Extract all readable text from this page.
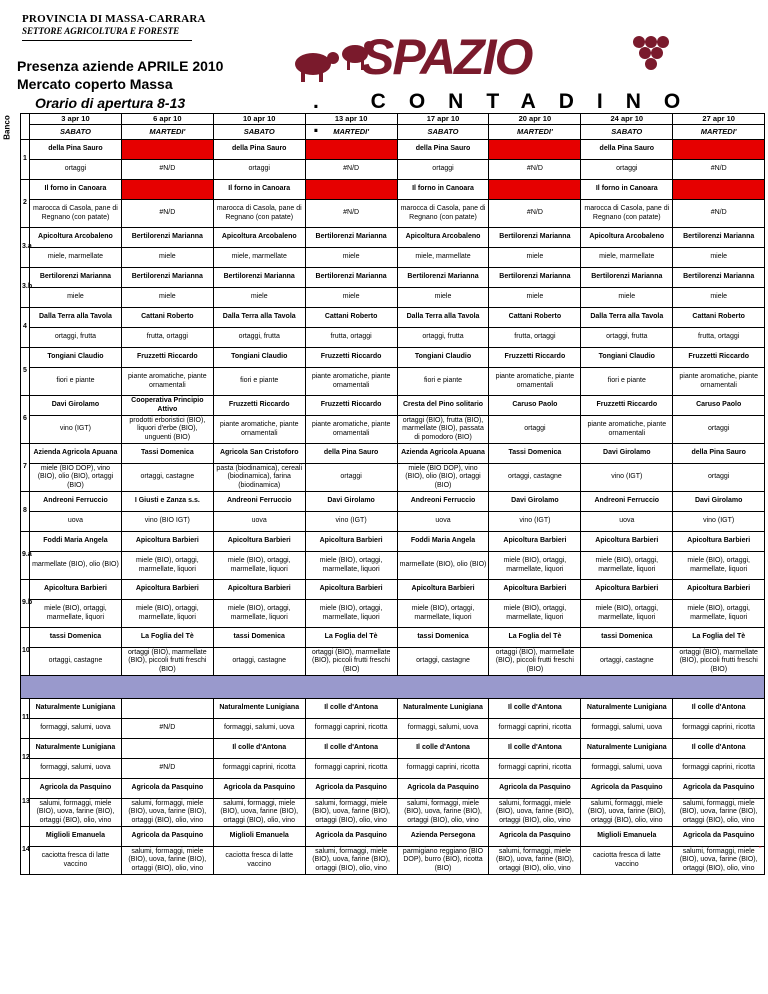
PROVINCIA DI MASSA-CARRARA
SETTORE AGRICOLTURA E FORESTE
Presenza aziende APRILE 2010
Mercato coperto Massa
Orario di apertura 8-13
SPAZIO
. CONTADINO .
Banco
		3 apr 10	6 apr 10	10 apr 10	13 apr 10	17 apr 10	20 apr 10	24 apr 10	27 apr 10
	SABATO	MARTEDI'	SABATO	MARTEDI'	SABATO	MARTEDI'	SABATO	MARTEDI'
1	della Pina Sauro		della Pina Sauro		della Pina Sauro		della Pina Sauro	
	ortaggi	#N/D	ortaggi	#N/D	ortaggi	#N/D	ortaggi	#N/D
2	Il forno in Canoara		Il forno in Canoara		Il forno in Canoara		Il forno in Canoara	
	marocca di Casola, pane di Regnano (con patate)	#N/D	marocca di Casola, pane di Regnano (con patate)	#N/D	marocca di Casola, pane di Regnano (con patate)	#N/D	marocca di Casola, pane di Regnano (con patate)	#N/D
3.a	Apicoltura Arcobaleno	Bertilorenzi Marianna	Apicoltura Arcobaleno	Bertilorenzi Marianna	Apicoltura Arcobaleno	Bertilorenzi Marianna	Apicoltura Arcobaleno	Bertilorenzi Marianna
	miele, marmellate	miele	miele, marmellate	miele	miele, marmellate	miele	miele, marmellate	miele
3.b	Bertilorenzi Marianna	Bertilorenzi Marianna	Bertilorenzi Marianna	Bertilorenzi Marianna	Bertilorenzi Marianna	Bertilorenzi Marianna	Bertilorenzi Marianna	Bertilorenzi Marianna
	miele	miele	miele	miele	miele	miele	miele	miele
4	Dalla Terra alla Tavola	Cattani Roberto	Dalla Terra alla Tavola	Cattani Roberto	Dalla Terra alla Tavola	Cattani Roberto	Dalla Terra alla Tavola	Cattani Roberto
	ortaggi, frutta	frutta, ortaggi	ortaggi, frutta	frutta, ortaggi	ortaggi, frutta	frutta, ortaggi	ortaggi, frutta	frutta, ortaggi
5	Tongiani Claudio	Fruzzetti Riccardo	Tongiani Claudio	Fruzzetti Riccardo	Tongiani Claudio	Fruzzetti Riccardo	Tongiani Claudio	Fruzzetti Riccardo
	fiori e piante	piante aromatiche, piante ornamentali	fiori e piante	piante aromatiche, piante ornamentali	fiori e piante	piante aromatiche, piante ornamentali	fiori e piante	piante aromatiche, piante ornamentali
6	Davi Girolamo	Cooperativa Principio Attivo	Fruzzetti Riccardo	Fruzzetti Riccardo	Cresta del Pino solitario	Caruso Paolo	Fruzzetti Riccardo	Caruso Paolo
	vino (IGT)	prodotti erboristici (BIO), liquori d'erbe (BIO), unguenti (BIO)	piante aromatiche, piante ornamentali	piante aromatiche, piante ornamentali	ortaggi (BIO), frutta (BIO), marmellate (BIO), passata di pomodoro (BIO)	ortaggi	piante aromatiche, piante ornamentali	ortaggi
7	Azienda Agricola Apuana	Tassi Domenica	Agricola San Cristoforo	della Pina Sauro	Azienda Agricola Apuana	Tassi Domenica	Davi Girolamo	della Pina Sauro
	miele (BIO DOP), vino (BIO), olio (BIO), ortaggi (BIO)	ortaggi, castagne	pasta (biodinamica), cereali (biodinamica), farina (biodinamica)	ortaggi	miele (BIO DOP), vino (BIO), olio (BIO), ortaggi (BIO)	ortaggi, castagne	vino (IGT)	ortaggi
8	Andreoni Ferruccio	I Giusti e Zanza s.s.	Andreoni Ferruccio	Davi Girolamo	Andreoni Ferruccio	Davi Girolamo	Andreoni Ferruccio	Davi Girolamo
	uova	vino (BIO IGT)	uova	vino (IGT)	uova	vino (IGT)	uova	vino (IGT)
9.a	Foddi Maria Angela	Apicoltura Barbieri	Apicoltura Barbieri	Apicoltura Barbieri	Foddi Maria Angela	Apicoltura Barbieri	Apicoltura Barbieri	Apicoltura Barbieri
	marmellate (BIO), olio (BIO)	miele (BIO), ortaggi, marmellate, liquori	miele (BIO), ortaggi, marmellate, liquori	miele (BIO), ortaggi, marmellate, liquori	marmellate (BIO), olio (BIO)	miele (BIO), ortaggi, marmellate, liquori	miele (BIO), ortaggi, marmellate, liquori	miele (BIO), ortaggi, marmellate, liquori
9.b	Apicoltura Barbieri	Apicoltura Barbieri	Apicoltura Barbieri	Apicoltura Barbieri	Apicoltura Barbieri	Apicoltura Barbieri	Apicoltura Barbieri	Apicoltura Barbieri
	miele (BIO), ortaggi, marmellate, liquori	miele (BIO), ortaggi, marmellate, liquori	miele (BIO), ortaggi, marmellate, liquori	miele (BIO), ortaggi, marmellate, liquori	miele (BIO), ortaggi, marmellate, liquori	miele (BIO), ortaggi, marmellate, liquori	miele (BIO), ortaggi, marmellate, liquori	miele (BIO), ortaggi, marmellate, liquori
10	tassi Domenica	La Foglia del Tè	tassi Domenica	La Foglia del Tè	tassi Domenica	La Foglia del Tè	tassi Domenica	La Foglia del Tè
	ortaggi, castagne	ortaggi (BIO), marmellate (BIO), piccoli frutti freschi (BIO)	ortaggi, castagne	ortaggi (BIO), marmellate (BIO), piccoli frutti freschi (BIO)	ortaggi, castagne	ortaggi (BIO), marmellate (BIO), piccoli frutti freschi (BIO)	ortaggi, castagne	ortaggi (BIO), marmellate (BIO), piccoli frutti freschi (BIO)

11	Naturalmente Lunigiana		Naturalmente Lunigiana	Il colle d'Antona	Naturalmente Lunigiana	Il colle d'Antona	Naturalmente Lunigiana	Il colle d'Antona
	formaggi, salumi, uova	#N/D	formaggi, salumi, uova	formaggi caprini, ricotta	formaggi, salumi, uova	formaggi caprini, ricotta	formaggi, salumi, uova	formaggi caprini, ricotta
12	Naturalmente Lunigiana		Il colle d'Antona	Il colle d'Antona	Il colle d'Antona	Il colle d'Antona	Naturalmente Lunigiana	Il colle d'Antona
	formaggi, salumi, uova	#N/D	formaggi caprini, ricotta	formaggi caprini, ricotta	formaggi caprini, ricotta	formaggi caprini, ricotta	formaggi, salumi, uova	formaggi caprini, ricotta
13	Agricola da Pasquino	Agricola da Pasquino	Agricola da Pasquino	Agricola da Pasquino	Agricola da Pasquino	Agricola da Pasquino	Agricola da Pasquino	Agricola da Pasquino
	salumi, formaggi, miele (BIO), uova, farine (BIO), ortaggi (BIO), olio, vino	salumi, formaggi, miele (BIO), uova, farine (BIO), ortaggi (BIO), olio, vino	salumi, formaggi, miele (BIO), uova, farine (BIO), ortaggi (BIO), olio, vino	salumi, formaggi, miele (BIO), uova, farine (BIO), ortaggi (BIO), olio, vino	salumi, formaggi, miele (BIO), uova, farine (BIO), ortaggi (BIO), olio, vino	salumi, formaggi, miele (BIO), uova, farine (BIO), ortaggi (BIO), olio, vino	salumi, formaggi, miele (BIO), uova, farine (BIO), ortaggi (BIO), olio, vino	salumi, formaggi, miele (BIO), uova, farine (BIO), ortaggi (BIO), olio, vino
14	Miglioli Emanuela	Agricola da Pasquino	Miglioli Emanuela	Agricola da Pasquino	Azienda Persegona	Agricola da Pasquino	Miglioli Emanuela	Agricola da Pasquino
	caciotta fresca di latte vaccino	salumi, formaggi, miele (BIO), uova, farine (BIO), ortaggi (BIO), olio, vino	caciotta fresca di latte vaccino	salumi, formaggi, miele (BIO), uova, farine (BIO), ortaggi (BIO), olio, vino	parmigiano reggiano (BIO DOP), burro (BIO), ricotta (BIO)	salumi, formaggi, miele (BIO), uova, farine (BIO), ortaggi (BIO), olio, vino	caciotta fresca di latte vaccino	salumi, formaggi, miele (BIO), uova, farine (BIO), ortaggi (BIO), olio, vino
"
